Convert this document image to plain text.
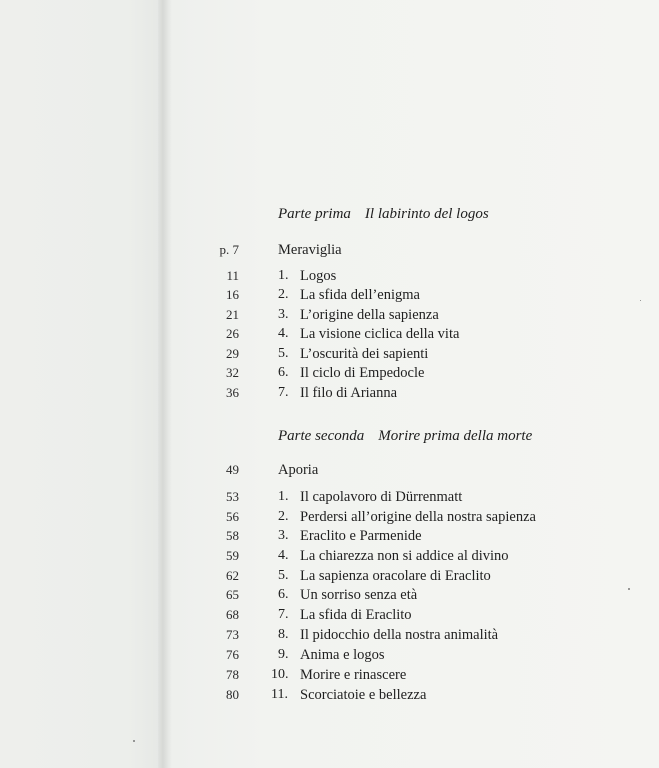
Parte prima Il labirinto del logos
p. 7	Meraviglia
11	1. Logos
16	2. La sfida dell’enigma
21	3. L’origine della sapienza
26	4. La visione ciclica della vita
29	5. L’oscurità dei sapienti
32	6. Il ciclo di Empedocle
36	7. Il filo di Arianna
Parte seconda Morire prima della morte
49	Aporia
53	1. Il capolavoro di Dürrenmatt
56	2. Perdersi all’origine della nostra sapienza
58	3. Eraclito e Parmenide
59	4. La chiarezza non si addice al divino
62	5. La sapienza oracolare di Eraclito
65	6. Un sorriso senza età
68	7. La sfida di Eraclito
73	8. Il pidocchio della nostra animalità
76	9. Anima e logos
78 10. Morire e rinascere
80 11. Scorciatoie e bellezza
